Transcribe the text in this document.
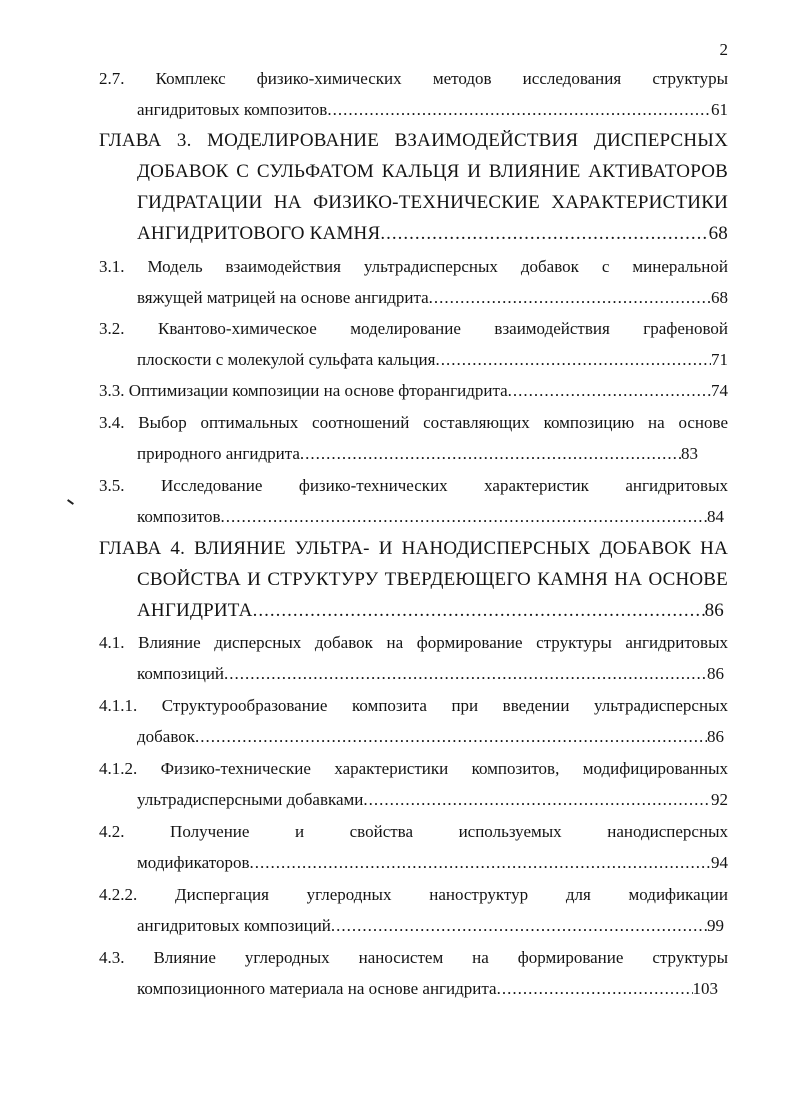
2
2.7. Комплекс физико-химических методов исследования структуры
ангидритовых композитов .....	61
ГЛАВА 3. МОДЕЛИРОВАНИЕ ВЗАИМОДЕЙСТВИЯ ДИСПЕРСНЫХ
ДОБАВОК С СУЛЬФАТОМ КАЛЬЦЯ И ВЛИЯНИЕ АКТИВАТОРОВ
ГИДРАТАЦИИ НА ФИЗИКО-ТЕХНИЧЕСКИЕ ХАРАКТЕРИСТИКИ
АНГИДРИТОВОГО КАМНЯ .....	68
3.1. Модель взаимодействия ультрадисперсных добавок с минеральной
вяжущей матрицей на основе ангидрита .....	68
3.2. Квантово-химическое моделирование взаимодействия графеновой
плоскости с молекулой сульфата кальция .....	71
3.3. Оптимизации композиции на основе фторангидрита .....	74
3.4. Выбор оптимальных соотношений составляющих композицию на основе
природного ангидрита .....	83
3.5. Исследование физико-технических характеристик ангидритовых
композитов .....	84
ГЛАВА 4. ВЛИЯНИЕ УЛЬТРА- И НАНОДИСПЕРСНЫХ ДОБАВОК НА
СВОЙСТВА И СТРУКТУРУ ТВЕРДЕЮЩЕГО КАМНЯ НА ОСНОВЕ
АНГИДРИТА .....	86
4.1. Влияние дисперсных добавок на формирование структуры ангидритовых
композиций .....	86
4.1.1. Структурообразование композита при введении ультрадисперсных
добавок .....	86
4.1.2. Физико-технические характеристики композитов, модифицированных
ультрадисперсными добавками .....	92
4.2. Получение и свойства используемых нанодисперсных
модификаторов .....	94
4.2.2. Диспергация углеродных наноструктур для модификации
ангидритовых композиций .....	99
4.3. Влияние углеродных наносистем на формирование структуры
композиционного материала на основе ангидрита .....	103
